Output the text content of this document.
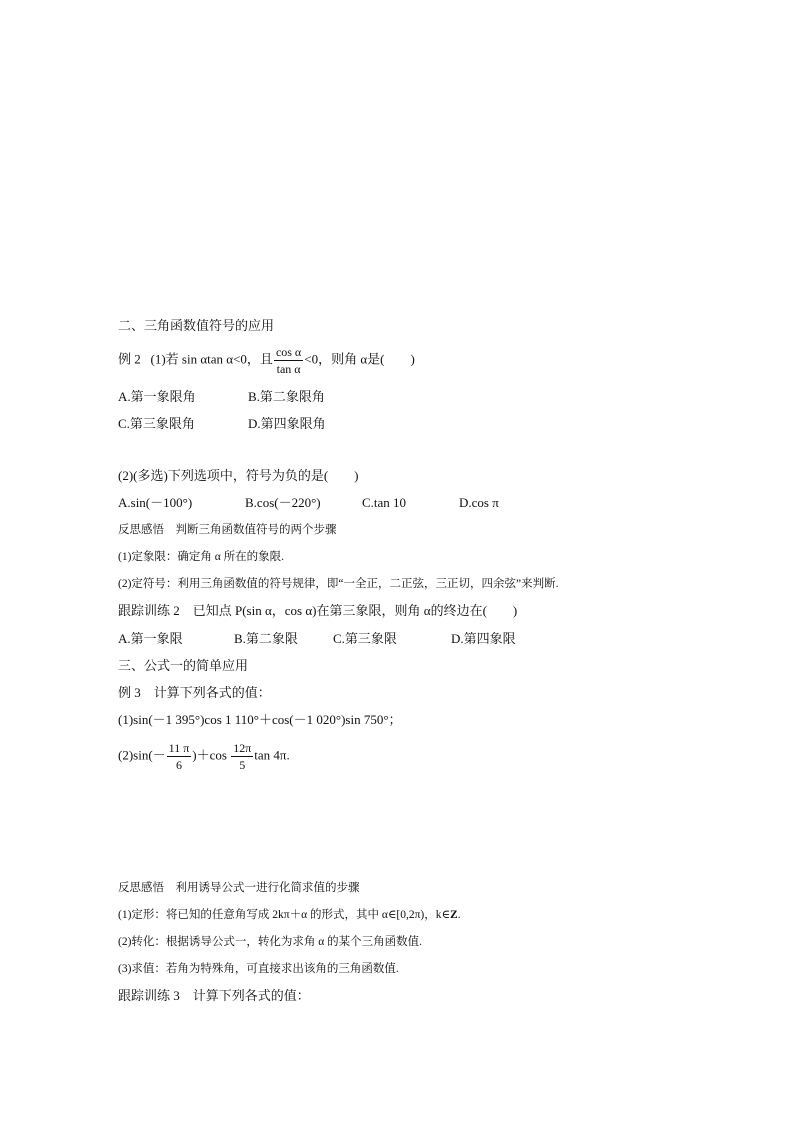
二、三角函数值符号的应用
例 2 (1)若 sin αtan α<0，且 $\frac{\text{cos α}}{\text{tan α}} <0$，则角 α是(　　)
A.第一象限角	B.第二象限角
C.第三象限角	D.第四象限角
(2)(多选)下列选项中，符号为负的是(　　)
A.sin(－100°)	B.cos(－220°)	C.tan 10	D.cos π
反思感悟　判断三角函数值符号的两个步骤
(1)定象限：确定角 α 所在的象限.
(2)定符号：利用三角函数值的符号规律，即“一全正，二正弦，三正切，四余弦”来判断.
跟踪训练 2　已知点 P(sin α，cos α)在第三象限，则角 α的终边在(　　)
A.第一象限	B.第二象限	C.第三象限	D.第四象限
三、公式一的简单应用
例 3　计算下列各式的值：
(1)sin(－1 395°)cos 1 110°＋cos(－1 020°)sin 750°；
$(2)\sin(- \frac{11 \pi}{6} )+\cos \frac{12\pi}{5}$ tan 4π.
反思感悟　利用诱导公式一进行化简求值的步骤
(1)定形：将已知的任意角写成 2kπ＋α 的形式，其中 α∈[0,2π)，k∈Z.
(2)转化：根据诱导公式一，转化为求角 α 的某个三角函数值.
(3)求值：若角为特殊角，可直接求出该角的三角函数值.
跟踪训练 3　计算下列各式的值：
